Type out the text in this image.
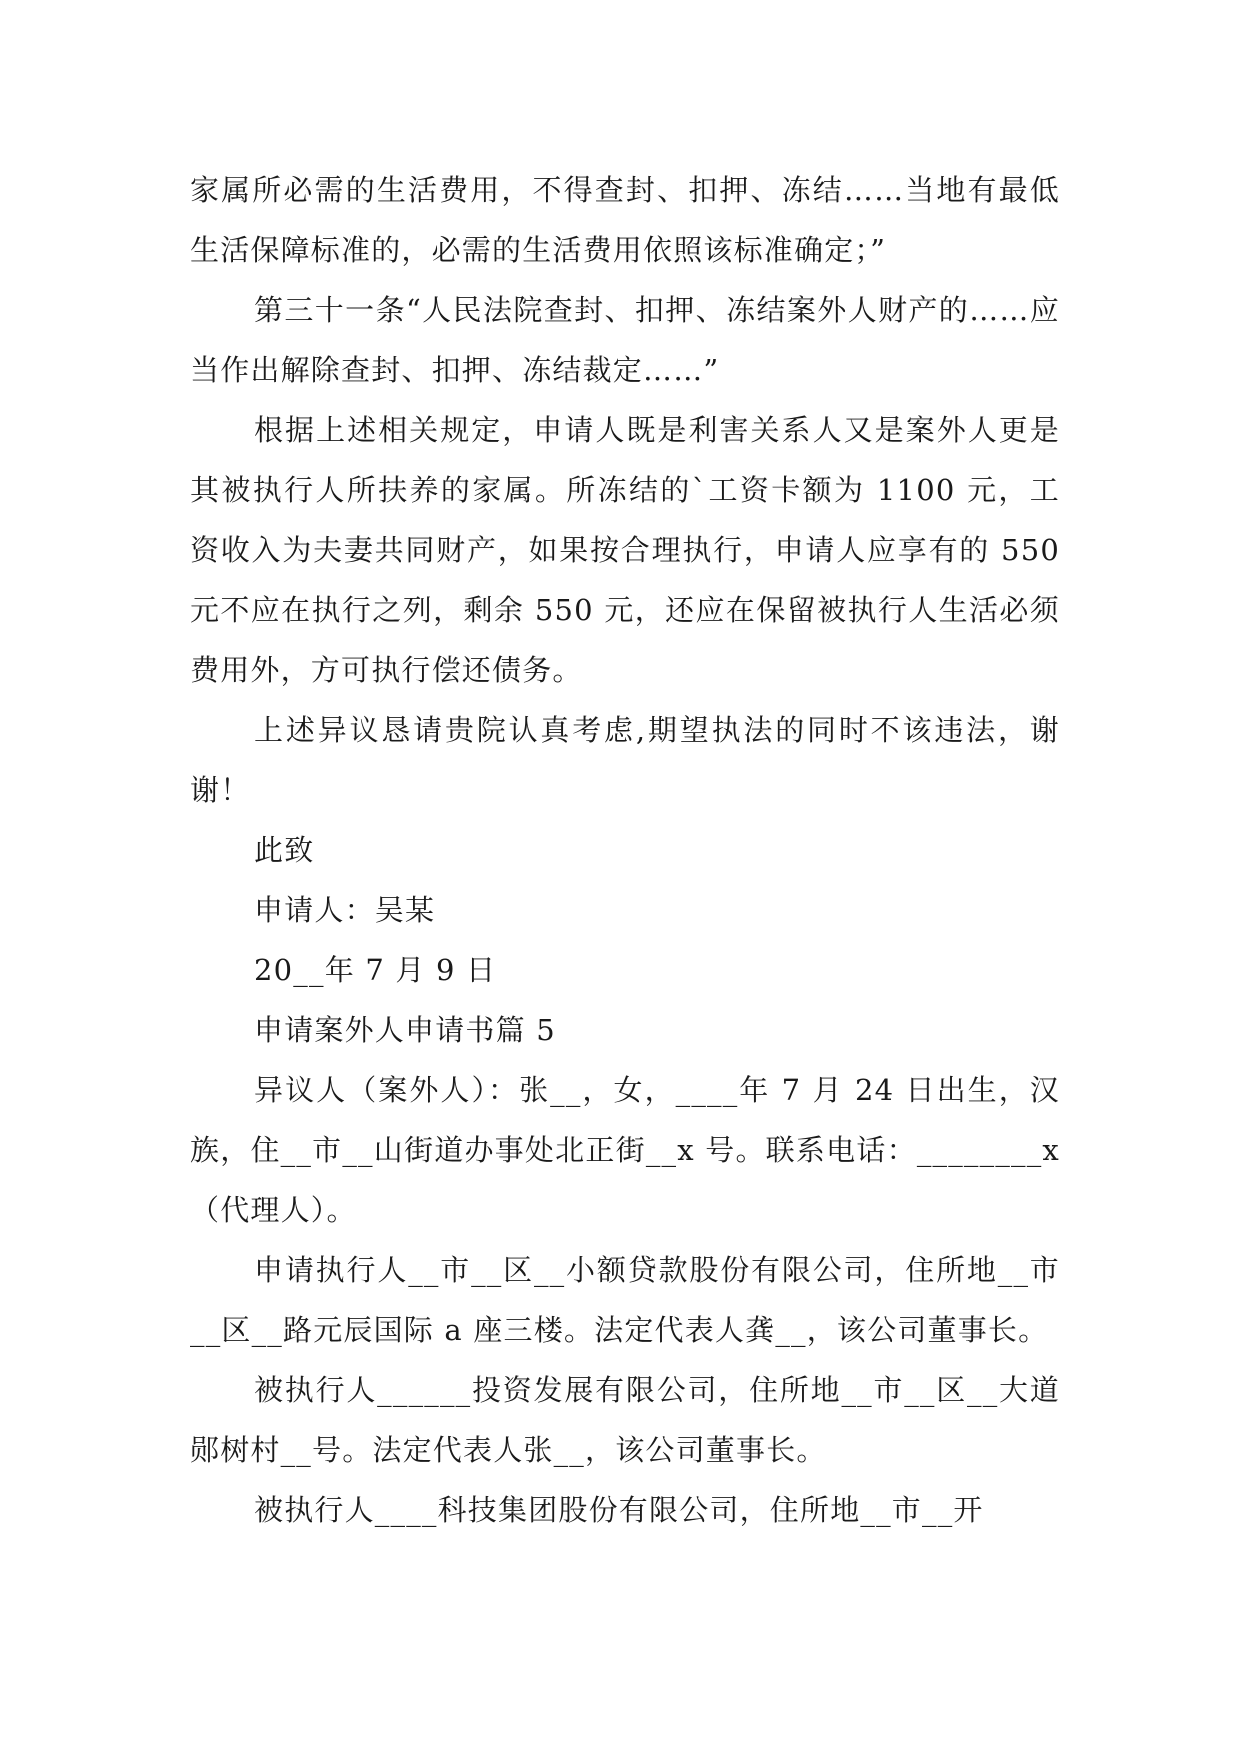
家属所必需的生活费用，不得查封、扣押、冻结……当地有最低生活保障标准的，必需的生活费用依照该标准确定；”

第三十一条“人民法院查封、扣押、冻结案外人财产的……应当作出解除查封、扣押、冻结裁定……”

根据上述相关规定，申请人既是利害关系人又是案外人更是其被执行人所扶养的家属。所冻结的`工资卡额为 1100 元，工资收入为夫妻共同财产，如果按合理执行，申请人应享有的 550 元不应在执行之列，剩余 550 元，还应在保留被执行人生活必须费用外，方可执行偿还债务。

上述异议恳请贵院认真考虑,期望执法的同时不该违法，谢谢！

此致

申请人：吴某

20__年 7 月 9 日

申请案外人申请书篇 5

异议人（案外人）：张__，女，____年 7 月 24 日出生，汉族，住__市__山街道办事处北正街__x 号。联系电话：________x（代理人）。

申请执行人__市__区__小额贷款股份有限公司，住所地__市__区__路元辰国际 a 座三楼。法定代表人龚__，该公司董事长。

被执行人______投资发展有限公司，住所地__市__区__大道郧树村__号。法定代表人张__，该公司董事长。

被执行人____科技集团股份有限公司，住所地__市__开
